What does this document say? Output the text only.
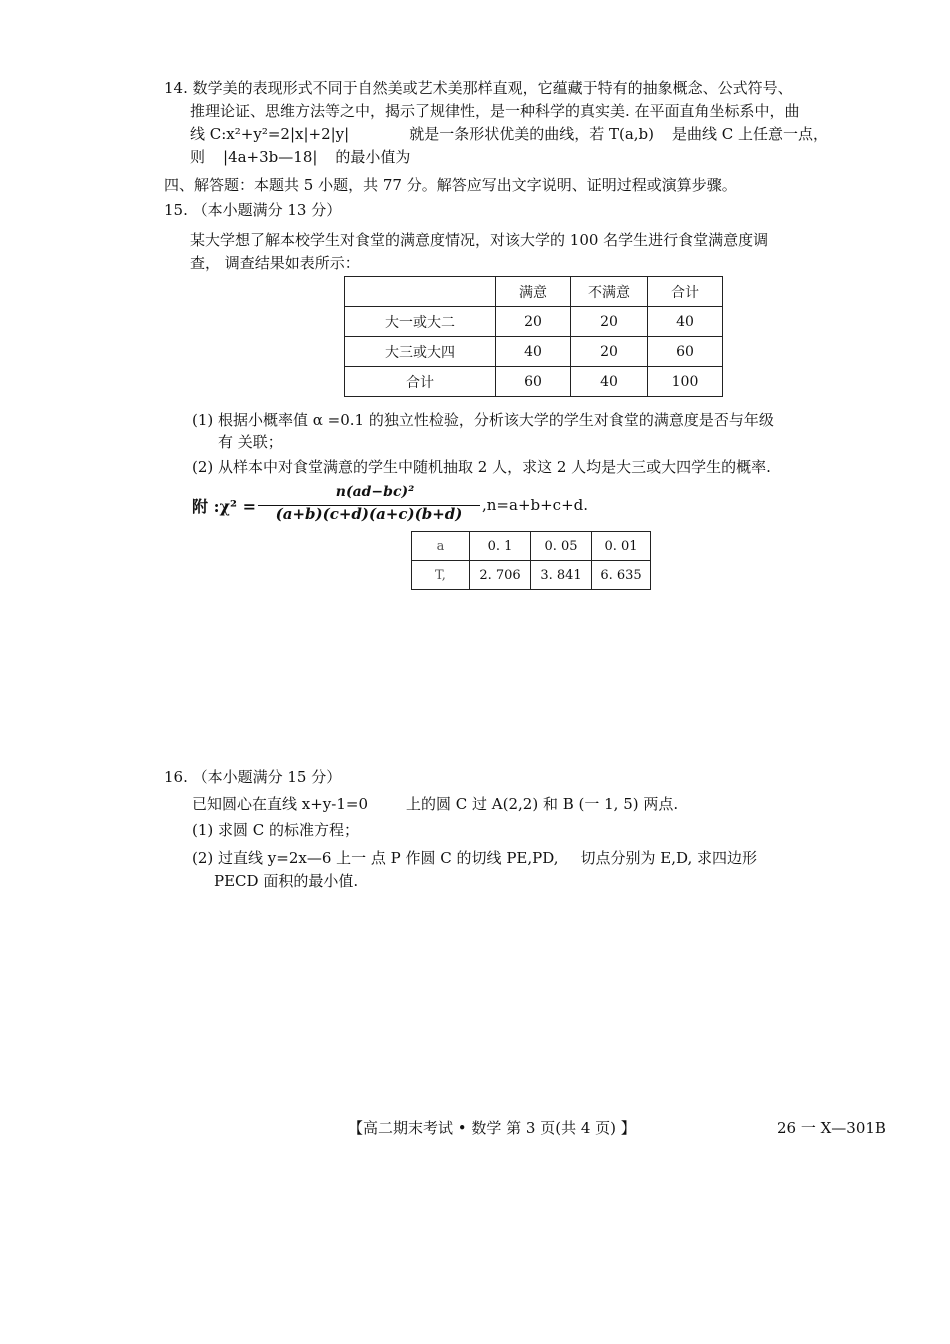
14. 数学美的表现形式不同于自然美或艺术美那样直观，它蕴藏于特有的抽象概念、公式符号、
推理论证、思维方法等之中，揭示了规律性，是一种科学的真实美. 在平面直角坐标系中，曲
线 C:x²+y²=2|x|+2|y|	就是一条形状优美的曲线，若 T(a,b) 是曲线 C 上任意一点，
则 |4a+3b—18| 的最小值为
四、解答题：本题共 5 小题，共 77 分。解答应写出文字说明、证明过程或演算步骤。
15. （本小题满分 13 分）
某大学想了解本校学生对食堂的满意度情况，对该大学的 100 名学生进行食堂满意度调
查， 调查结果如表所示：
	满意	不满意	合计
大一或大二	20	20	40
大三或大四	40	20	60
合计	60	40	100
(1) 根据小概率值 α =0.1 的独立性检验，分析该大学的学生对食堂的满意度是否与年级
有 关联；
(2) 从样本中对食堂满意的学生中随机抽取 2 人，求这 2 人均是大三或大四学生的概率.
附 :χ² =
n(ad−bc)²
(a+b)(c+d)(a+c)(b+d)	,n=a+b+c+d.
a	0. 1	0. 05	0. 01
T,	2. 706	3. 841	6. 635
16. （本小题满分 15 分）
已知圆心在直线 x+y-1=0	上的圆 C 过 A(2,2) 和 B (一 1, 5) 两点.
(1) 求圆 C 的标准方程；
(2) 过直线 y=2x—6 上一 点 P 作圆 C 的切线 PE,PD, 切点分别为 E,D, 求四边形
PECD 面积的最小值.
【高二期末考试 • 数学 第 3 页(共 4 页) 】	26 一 X—301B
